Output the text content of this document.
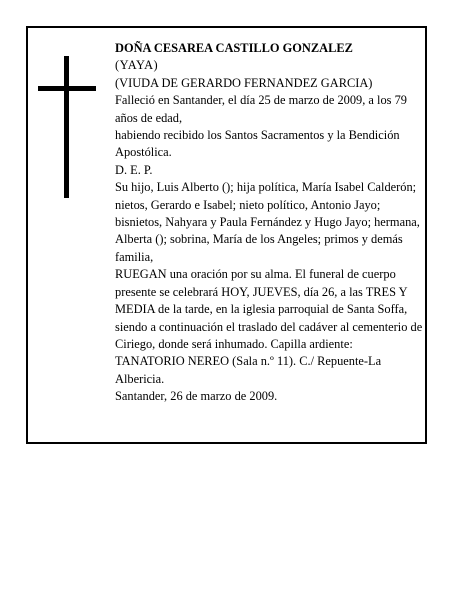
DOÑA CESAREA CASTILLO GONZALEZ

(YAYA)

(VIUDA DE GERARDO FERNANDEZ GARCIA)

Falleció en Santander, el día 25 de marzo de 2009, a los 79 años de edad,

habiendo recibido los Santos Sacramentos y la Bendición Apostólica.

D. E. P.

Su hijo, Luis Alberto (); hija política, María Isabel Calderón; nietos, Gerardo e Isabel; nieto político, Antonio Jayo; bisnietos, Nahyara y Paula Fernández y Hugo Jayo; hermana, Alberta (); sobrina, María de los Angeles; primos y demás familia,

RUEGAN una oración por su alma. El funeral de cuerpo presente se celebrará HOY, JUEVES, día 26, a las TRES Y MEDIA de la tarde, en la iglesia parroquial de Santa Soffa, siendo a continuación el traslado del cadáver al cementerio de Ciriego, donde será inhumado. Capilla ardiente: TANATORIO NEREO (Sala n.º 11). C./ Repuente-La Albericia.

Santander, 26 de marzo de 2009.
